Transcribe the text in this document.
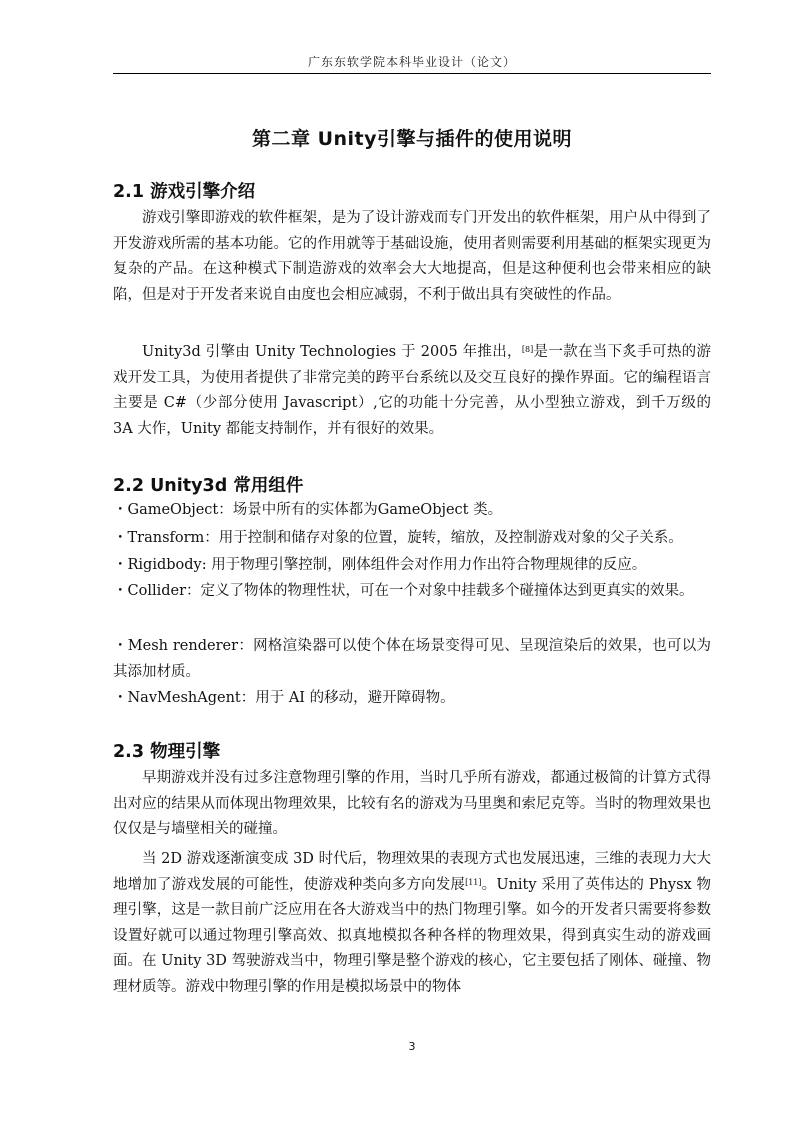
广东东软学院本科毕业设计（论文）
第二章 Unity引擎与插件的使用说明
2.1 游戏引擎介绍
游戏引擎即游戏的软件框架，是为了设计游戏而专门开发出的软件框架，用户从中得到了开发游戏所需的基本功能。它的作用就等于基础设施，使用者则需要利用基础的框架实现更为复杂的产品。在这种模式下制造游戏的效率会大大地提高，但是这种便利也会带来相应的缺陷，但是对于开发者来说自由度也会相应减弱，不利于做出具有突破性的作品。
Unity3d 引擎由 Unity Technologies 于 2005 年推出，[8]是一款在当下炙手可热的游戏开发工具，为使用者提供了非常完美的跨平台系统以及交互良好的操作界面。它的编程语言主要是 C#（少部分使用 Javascript）,它的功能十分完善，从小型独立游戏，到千万级的 3A 大作，Unity 都能支持制作，并有很好的效果。
2.2 Unity3d 常用组件
・GameObject：场景中所有的实体都为GameObject 类。
・Transform：用于控制和储存对象的位置，旋转，缩放，及控制游戏对象的父子关系。
・Rigidbody: 用于物理引擎控制，刚体组件会对作用力作出符合物理规律的反应。
・Collider：定义了物体的物理性状，可在一个对象中挂载多个碰撞体达到更真实的效果。
・Mesh renderer：网格渲染器可以使个体在场景变得可见、呈现渲染后的效果，也可以为其添加材质。
・NavMeshAgent：用于 AI 的移动，避开障碍物。
2.3 物理引擎
早期游戏并没有过多注意物理引擎的作用，当时几乎所有游戏，都通过极简的计算方式得出对应的结果从而体现出物理效果，比较有名的游戏为马里奥和索尼克等。当时的物理效果也仅仅是与墙壁相关的碰撞。
当 2D 游戏逐渐演变成 3D 时代后，物理效果的表现方式也发展迅速，三维的表现力大大地增加了游戏发展的可能性，使游戏种类向多方向发展[11]。Unity 采用了英伟达的 Physx 物理引擎，这是一款目前广泛应用在各大游戏当中的热门物理引擎。如今的开发者只需要将参数设置好就可以通过物理引擎高效、拟真地模拟各种各样的物理效果，得到真实生动的游戏画面。在 Unity 3D 驾驶游戏当中，物理引擎是整个游戏的核心，它主要包括了刚体、碰撞、物理材质等。游戏中物理引擎的作用是模拟场景中的物体
3
